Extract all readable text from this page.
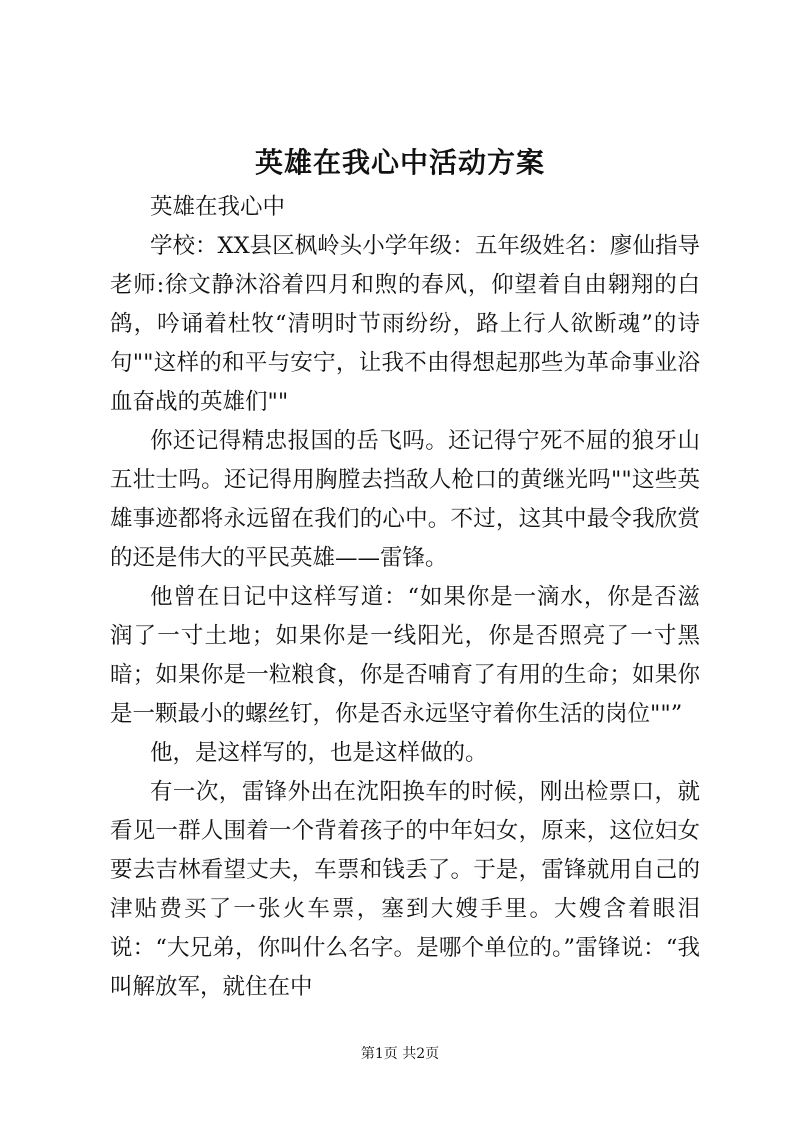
英雄在我心中活动方案

英雄在我心中

学校：XX县区枫岭头小学年级：五年级姓名：廖仙指导老师:徐文静沐浴着四月和煦的春风，仰望着自由翱翔的白鸽，吟诵着杜牧“清明时节雨纷纷，路上行人欲断魂”的诗句""这样的和平与安宁，让我不由得想起那些为革命事业浴血奋战的英雄们""

你还记得精忠报国的岳飞吗。还记得宁死不屈的狼牙山五壮士吗。还记得用胸膛去挡敌人枪口的黄继光吗""这些英雄事迹都将永远留在我们的心中。不过，这其中最令我欣赏的还是伟大的平民英雄——雷锋。

他曾在日记中这样写道：“如果你是一滴水，你是否滋润了一寸土地；如果你是一线阳光，你是否照亮了一寸黑暗；如果你是一粒粮食，你是否哺育了有用的生命；如果你是一颗最小的螺丝钉，你是否永远坚守着你生活的岗位""”

他，是这样写的，也是这样做的。

有一次，雷锋外出在沈阳换车的时候，刚出检票口，就看见一群人围着一个背着孩子的中年妇女，原来，这位妇女要去吉林看望丈夫，车票和钱丢了。于是，雷锋就用自己的津贴费买了一张火车票，塞到大嫂手里。大嫂含着眼泪说：“大兄弟，你叫什么名字。是哪个单位的。”雷锋说：“我叫解放军，就住在中

第1页 共2页
